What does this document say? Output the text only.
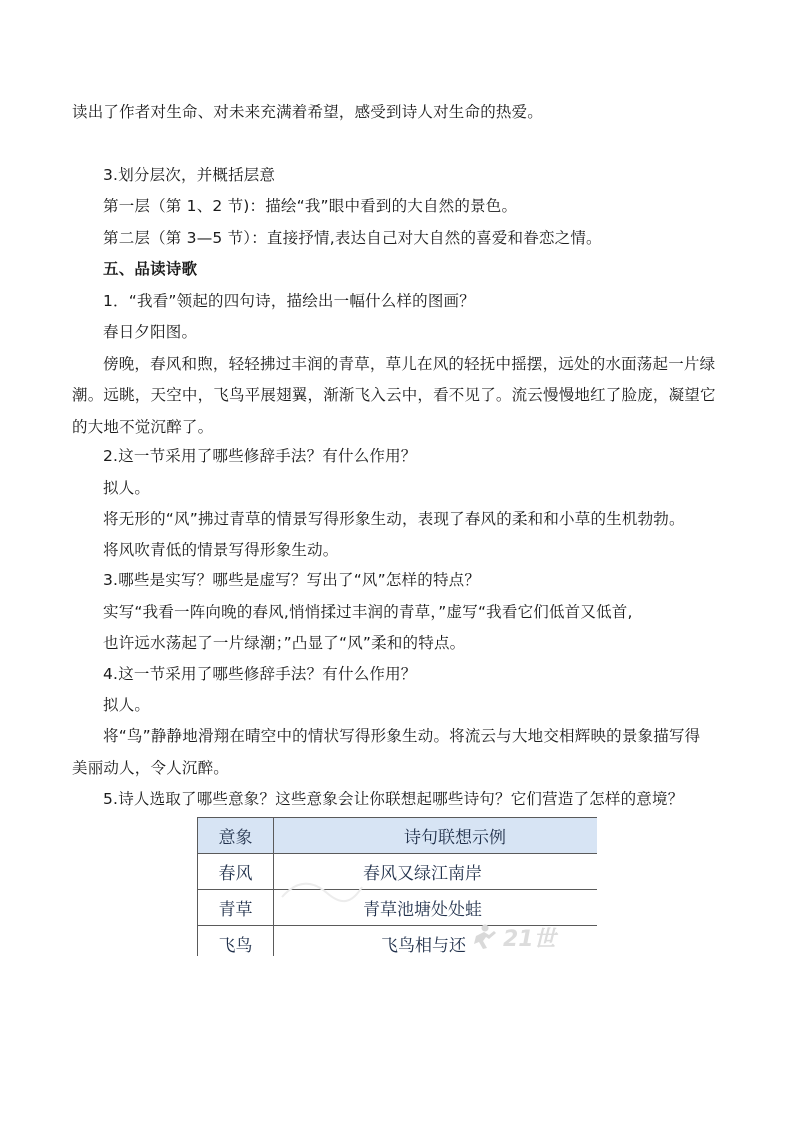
读出了作者对生命、对未来充满着希望，感受到诗人对生命的热爱。
3.划分层次，并概括层意
第一层（第 1、2 节)：描绘“我”眼中看到的大自然的景色。
第二层（第 3—5 节）：直接抒情,表达自己对大自然的喜爱和眷恋之情。
五、品读诗歌
1．“我看”领起的四句诗，描绘出一幅什么样的图画？
春日夕阳图。
傍晚，春风和煦，轻轻拂过丰润的青草，草儿在风的轻抚中摇摆，远处的水面荡起一片绿
潮。远眺，天空中，飞鸟平展翅翼，渐渐飞入云中，看不见了。流云慢慢地红了脸庞，凝望它
的大地不觉沉醉了。
2.这一节采用了哪些修辞手法？有什么作用？
拟人。
将无形的“风”拂过青草的情景写得形象生动，表现了春风的柔和和小草的生机勃勃。
将风吹青低的情景写得形象生动。
3.哪些是实写？哪些是虚写？写出了“风”怎样的特点？
实写“我看一阵向晚的春风,悄悄揉过丰润的青草，”虚写“我看它们低首又低首,
也许远水荡起了一片绿潮；”凸显了“风”柔和的特点。
4.这一节采用了哪些修辞手法？有什么作用？
拟人。
将“鸟”静静地滑翔在晴空中的情状写得形象生动。将流云与大地交相辉映的景象描写得
美丽动人，令人沉醉。
5.诗人选取了哪些意象？这些意象会让你联想起哪些诗句？它们营造了怎样的意境？
意象	诗句联想示例
春风	春风又绿江南岸
青草	青草池塘处处蛙
飞鸟	飞鸟相与还 21世
